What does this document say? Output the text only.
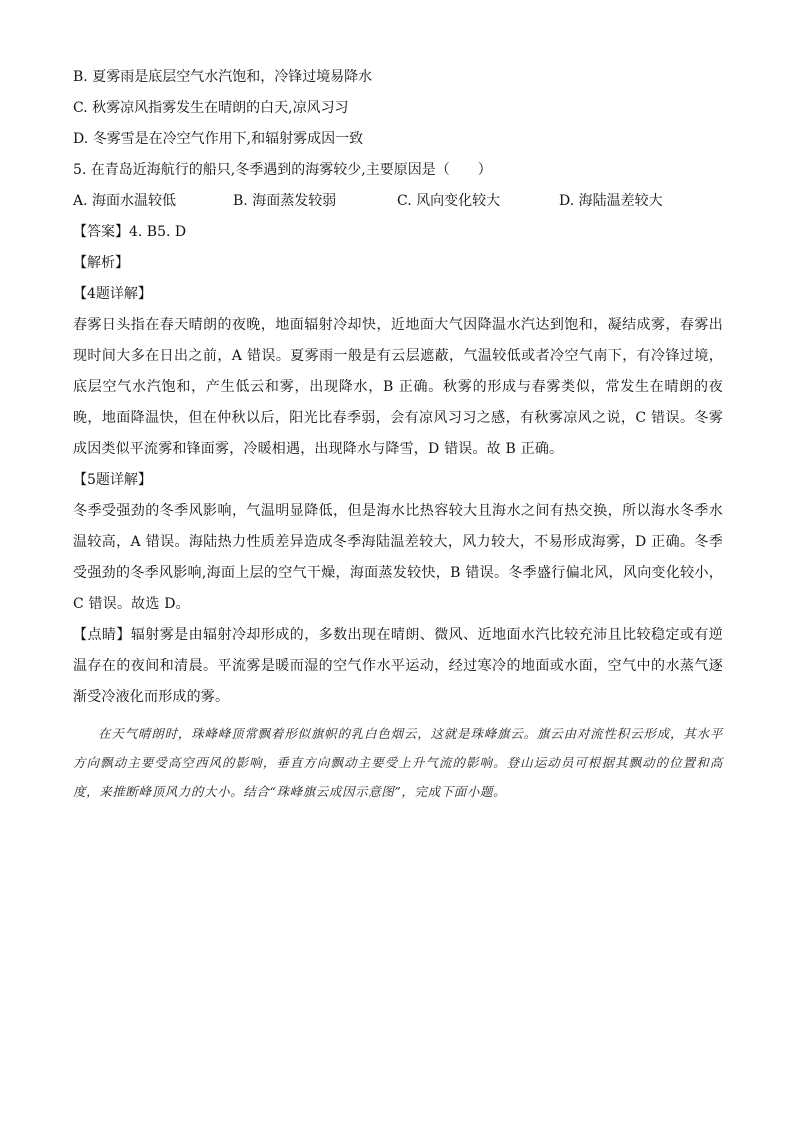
B. 夏雾雨是底层空气水汽饱和，冷锋过境易降水

C. 秋雾凉风指雾发生在晴朗的白天,凉风习习

D. 冬雾雪是在冷空气作用下,和辐射雾成因一致

5. 在青岛近海航行的船只,冬季遇到的海雾较少,主要原因是（　　）

A. 海面水温较低	B. 海面蒸发较弱	C. 风向变化较大	D. 海陆温差较大

【答案】4. B5. D

【解析】

【4题详解】

春雾日头指在春天晴朗的夜晚，地面辐射冷却快，近地面大气因降温水汽达到饱和，凝结成雾，春雾出现时间大多在日出之前，A 错误。夏雾雨一般是有云层遮蔽，气温较低或者冷空气南下，有冷锋过境，底层空气水汽饱和，产生低云和雾，出现降水，B 正确。秋雾的形成与春雾类似，常发生在晴朗的夜晚，地面降温快，但在仲秋以后，阳光比春季弱，会有凉风习习之感，有秋雾凉风之说，C 错误。冬雾成因类似平流雾和锋面雾，冷暖相遇，出现降水与降雪，D 错误。故 B 正确。

【5题详解】

冬季受强劲的冬季风影响，气温明显降低，但是海水比热容较大且海水之间有热交换，所以海水冬季水温较高，A 错误。海陆热力性质差异造成冬季海陆温差较大，风力较大，不易形成海雾，D 正确。冬季受强劲的冬季风影响,海面上层的空气干燥，海面蒸发较快，B 错误。冬季盛行偏北风，风向变化较小，C 错误。故选 D。

【点睛】辐射雾是由辐射冷却形成的，多数出现在晴朗、微风、近地面水汽比较充沛且比较稳定或有逆温存在的夜间和清晨。平流雾是暖而湿的空气作水平运动，经过寒冷的地面或水面，空气中的水蒸气逐渐受冷液化而形成的雾。

在天气晴朗时，珠峰峰顶常飘着形似旗帜的乳白色烟云，这就是珠峰旗云。旗云由对流性积云形成，其水平方向飘动主要受高空西风的影响，垂直方向飘动主要受上升气流的影响。登山运动员可根据其飘动的位置和高度，来推断峰顶风力的大小。结合“珠峰旗云成因示意图”，完成下面小题。
